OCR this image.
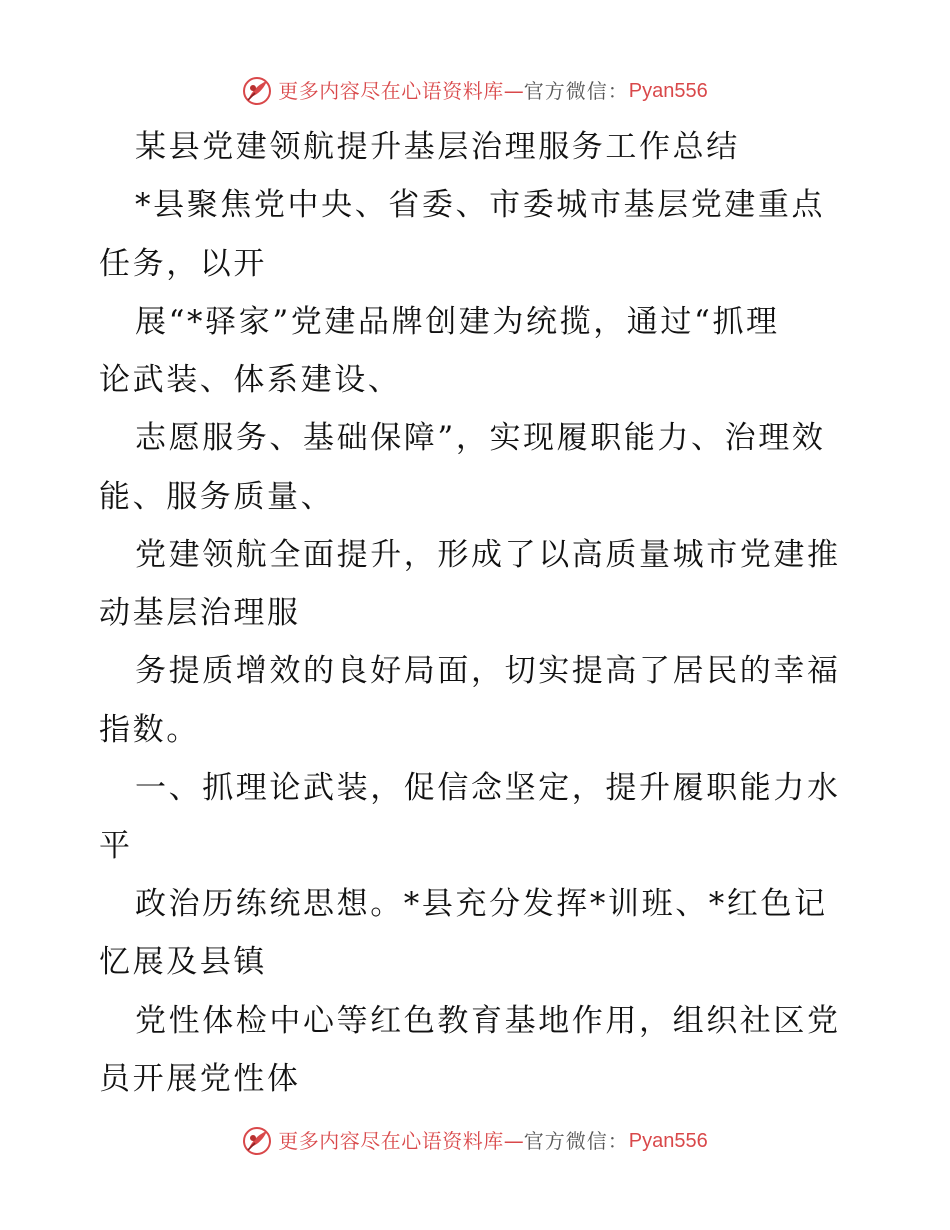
更多内容尽在心语资料库 — 官方微信： Pyan556
某县党建领航提升基层治理服务工作总结
*县聚焦党中央、省委、市委城市基层党建重点
任务，以开
展“*驿家”党建品牌创建为统揽，通过“抓理
论武装、体系建设、
志愿服务、基础保障”，实现履职能力、治理效
能、服务质量、
党建领航全面提升，形成了以高质量城市党建推
动基层治理服
务提质增效的良好局面，切实提高了居民的幸福
指数。
一、抓理论武装，促信念坚定，提升履职能力水
平
政治历练统思想。*县充分发挥*训班、*红色记
忆展及县镇
党性体检中心等红色教育基地作用，组织社区党
员开展党性体
更多内容尽在心语资料库 — 官方微信： Pyan556
